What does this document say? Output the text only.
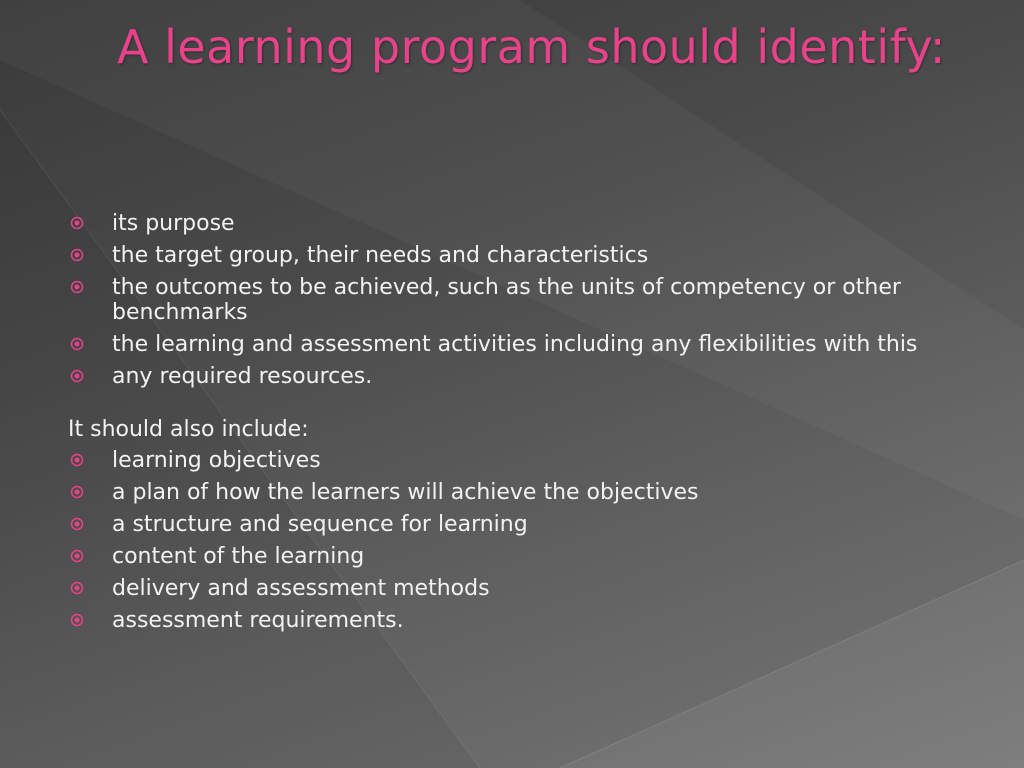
A learning program should identify:
its purpose
the target group, their needs and characteristics
the outcomes to be achieved, such as the units of competency or other benchmarks
the learning and assessment activities including any flexibilities with this
any required resources.
It should also include:
learning objectives
a plan of how the learners will achieve the objectives
a structure and sequence for learning
content of the learning
delivery and assessment methods
assessment requirements.
